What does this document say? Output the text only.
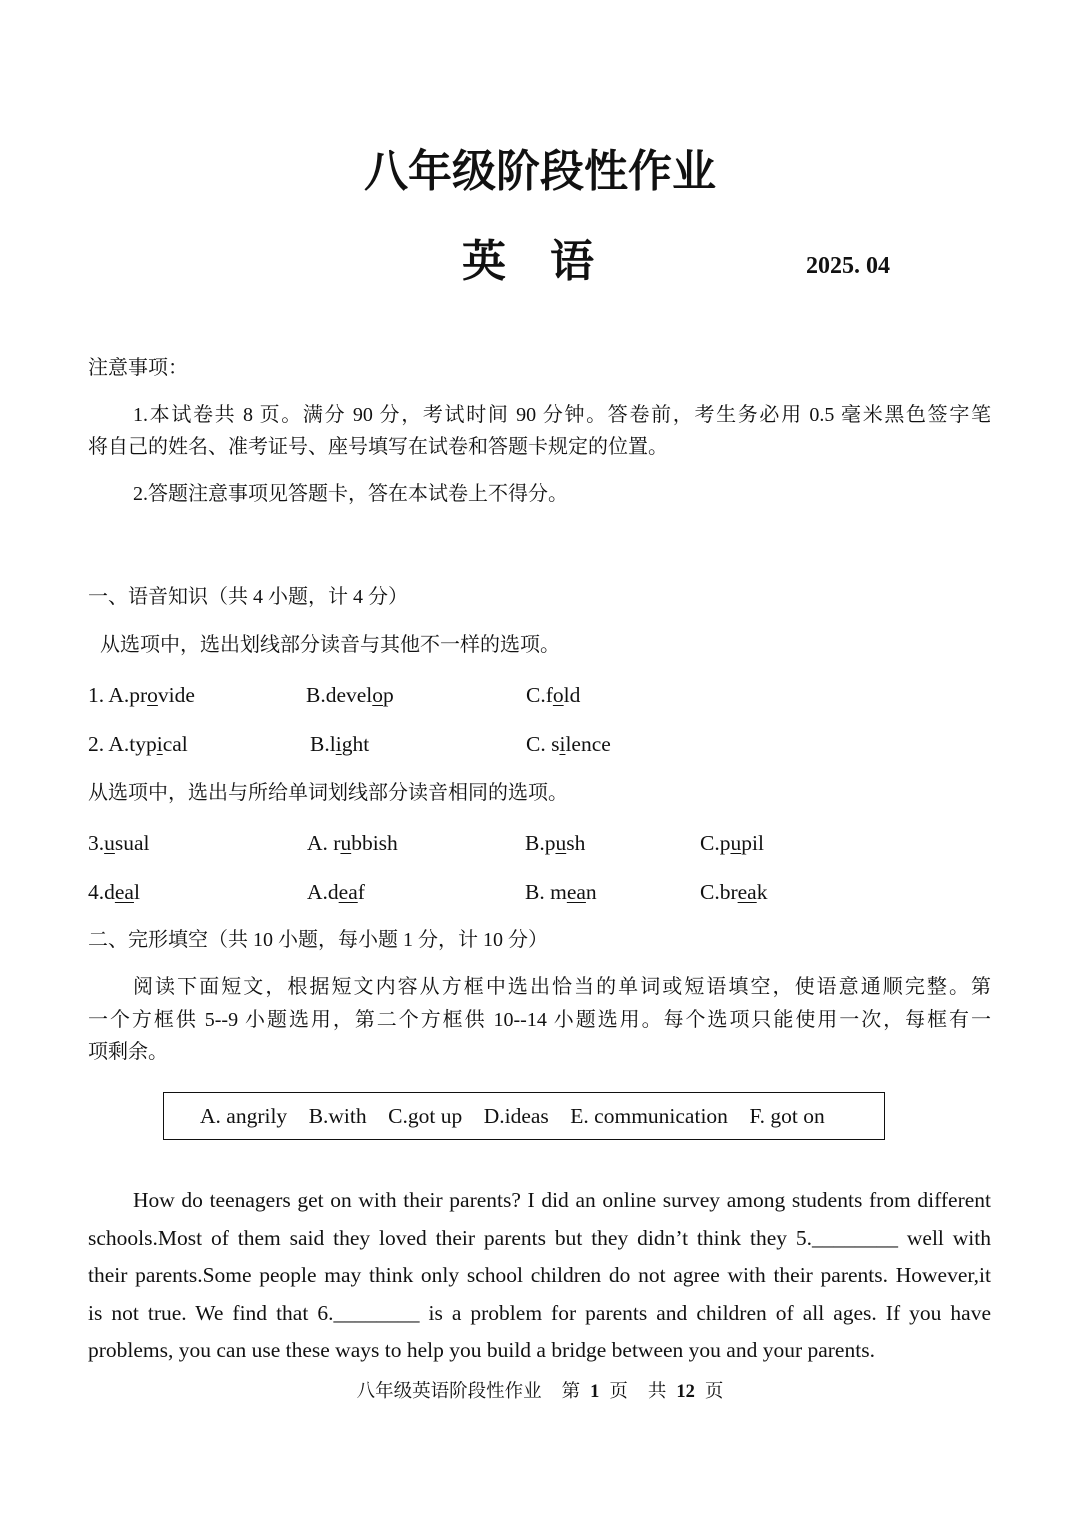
八年级阶段性作业
英　语	2025. 04
注意事项：
1.本试卷共 8 页。满分 90 分，考试时间 90 分钟。答卷前，考生务必用 0.5 毫米黑色签字笔
将自己的姓名、准考证号、座号填写在试卷和答题卡规定的位置。
2.答题注意事项见答题卡，答在本试卷上不得分。
一、语音知识（共 4 小题，计 4 分）
从选项中，选出划线部分读音与其他不一样的选项。
1. A.provide	B.develop	C.fold
2. A.typical	B.light	C. silence
从选项中，选出与所给单词划线部分读音相同的选项。
3.usual	A. rubbish	B.push	C.pupil
4.deal	A.deaf	B. mean	C.break
二、完形填空（共 10 小题，每小题 1 分，计 10 分）
阅读下面短文，根据短文内容从方框中选出恰当的单词或短语填空，使语意通顺完整。第
一个方框供 5--9 小题选用，第二个方框供 10--14 小题选用。每个选项只能使用一次，每框有一
项剩余。
A. angrily B.with C.got up D.ideas E. communication F. got on
How do teenagers get on with their parents? I did an online survey among students from different
schools.Most of them said they loved their parents but they didn’t think they 5.________ well with
their parents.Some people may think only school children do not agree with their parents. However,it
is not true. We find that 6.________ is a problem for parents and children of all ages. If you have
problems, you can use these ways to help you build a bridge between you and your parents.
八年级英语阶段性作业 第 1 页 共 12 页
